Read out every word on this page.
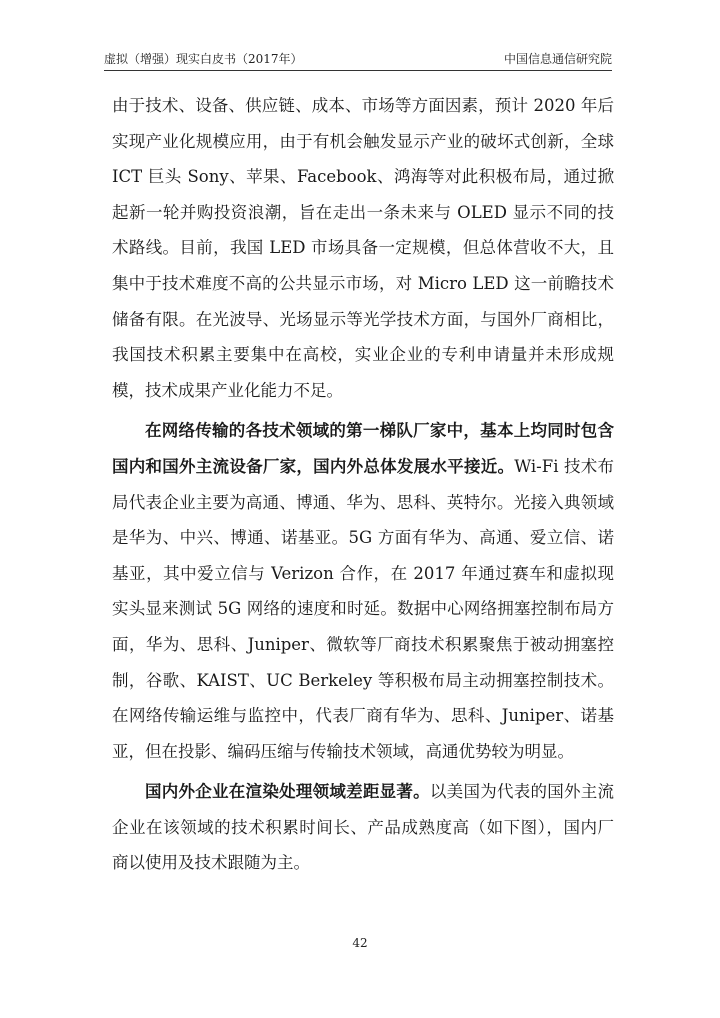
虚拟（增强）现实白皮书（2017年）	中国信息通信研究院

由于技术、设备、供应链、成本、市场等方面因素，预计 2020 年后实现产业化规模应用，由于有机会触发显示产业的破坏式创新，全球 ICT 巨头 Sony、苹果、Facebook、鸿海等对此积极布局，通过掀起新一轮并购投资浪潮，旨在走出一条未来与 OLED 显示不同的技术路线。目前，我国 LED 市场具备一定规模，但总体营收不大，且集中于技术难度不高的公共显示市场，对 Micro LED 这一前瞻技术储备有限。在光波导、光场显示等光学技术方面，与国外厂商相比，我国技术积累主要集中在高校，实业企业的专利申请量并未形成规模，技术成果产业化能力不足。

在网络传输的各技术领域的第一梯队厂家中，基本上均同时包含国内和国外主流设备厂家，国内外总体发展水平接近。Wi-Fi 技术布局代表企业主要为高通、博通、华为、思科、英特尔。光接入典领域是华为、中兴、博通、诺基亚。5G 方面有华为、高通、爱立信、诺基亚，其中爱立信与 Verizon 合作，在 2017 年通过赛车和虚拟现实头显来测试 5G 网络的速度和时延。数据中心网络拥塞控制布局方面，华为、思科、Juniper、微软等厂商技术积累聚焦于被动拥塞控制，谷歌、KAIST、UC Berkeley 等积极布局主动拥塞控制技术。在网络传输运维与监控中，代表厂商有华为、思科、Juniper、诺基亚，但在投影、编码压缩与传输技术领域，高通优势较为明显。

国内外企业在渲染处理领域差距显著。以美国为代表的国外主流企业在该领域的技术积累时间长、产品成熟度高（如下图），国内厂商以使用及技术跟随为主。

42
